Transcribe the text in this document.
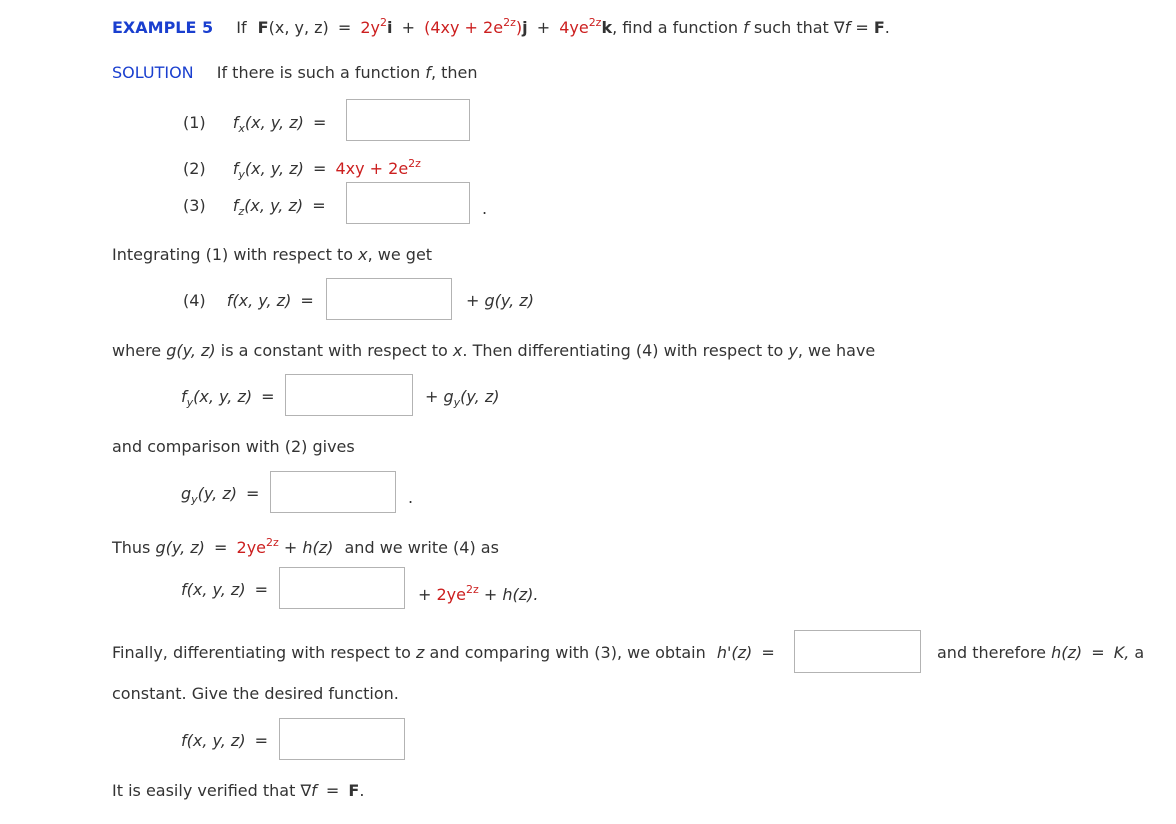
EXAMPLE 5 If F(x, y, $z) = 2y^2i + (4xy + 2e^{2z})j + 4ye^{2z}k$, find a function f such that ∇f = F.
SOLUTION If there is such a function f, then
(1) $f_x(x$, y, z) =
(2) $f_y(x$, y, $z) = 4xy + 2e^{2z}$
(3) $f_z(x$, y, z) =	.
Integrating (1) with respect to x, we get
(4) f(x, y, z) =	+ g(y, z)
where g(y, z) is a constant with respect to x. Then differentiating (4) with respect to y, we have
$f_y(x$, y, z) =	+ $g_y(y$, z)
and comparison with (2) gives
$g_y(y$, z) =	.
Thus g(y, $z) = 2ye^{2z} + h(z)$ and we write (4) as
f(x, y, z) =	+ $2ye^{2z} + h(z)$.
Finally, differentiating with respect to z and comparing with (3), we obtain h'(z) =	and therefore h(z) = K, a
constant. Give the desired function.
f(x, y, z) =
It is easily verified that ∇f = F.
